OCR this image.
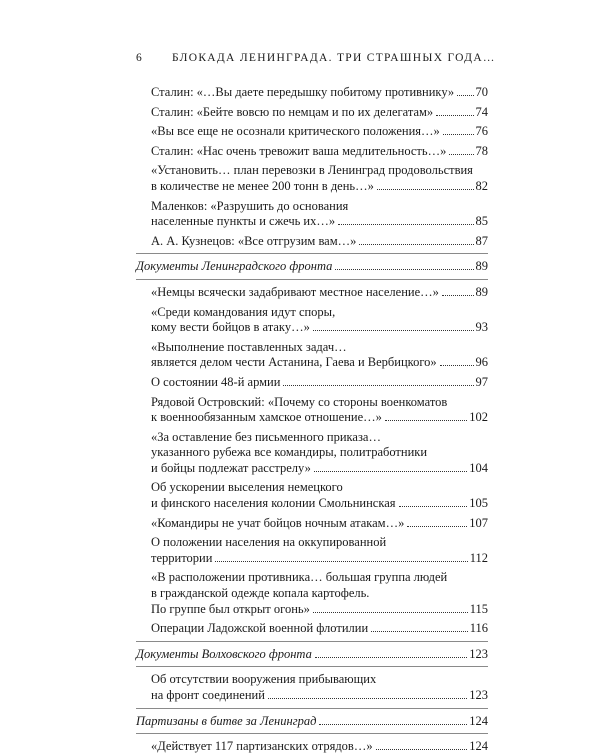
6	БЛОКАДА ЛЕНИНГРАДА. ТРИ СТРАШНЫХ ГОДА…
Сталин: «…Вы даете передышку побитому противнику» 70
Сталин: «Бейте вовсю по немцам и по их делегатам»	74
«Вы все еще не осознали критического положения…»	76
Сталин: «Нас очень тревожит ваша медлительность…» 78
«Установить… план перевозки в Ленинград продовольствия
в количестве не менее 200 тонн в день…»	82
Маленков: «Разрушить до основания
населенные пункты и сжечь их…»	85
А. А. Кузнецов: «Все отгрузим вам…»	87
Документы Ленинградского фронта	89
«Немцы всячески задабривают местное население…»	89
«Среди командования идут споры,
кому вести бойцов в атаку…»	93
«Выполнение поставленных задач…
является делом чести Астанина, Гаева и Вербицкого»	96
О состоянии 48-й армии	97
Рядовой Островский: «Почему со стороны военкоматов
к военнообязанным хамское отношение…»	102
«За оставление без письменного приказа…
указанного рубежа все командиры, политработники
и бойцы подлежат расстрелу»	104
Об ускорении выселения немецкого
и финского населения колонии Смольнинская	105
«Командиры не учат бойцов ночным атакам…»	107
О положении населения на оккупированной
территории	112
«В расположении противника… большая группа людей
в гражданской одежде копала картофель.
По группе был открыт огонь»	115
Операции Ладожской военной флотилии	116
Документы Волховского фронта	123
Об отсутствии вооружения прибывающих
на фронт соединений	123
Партизаны в битве за Ленинград	124
«Действует 117 партизанских отрядов…»	124
